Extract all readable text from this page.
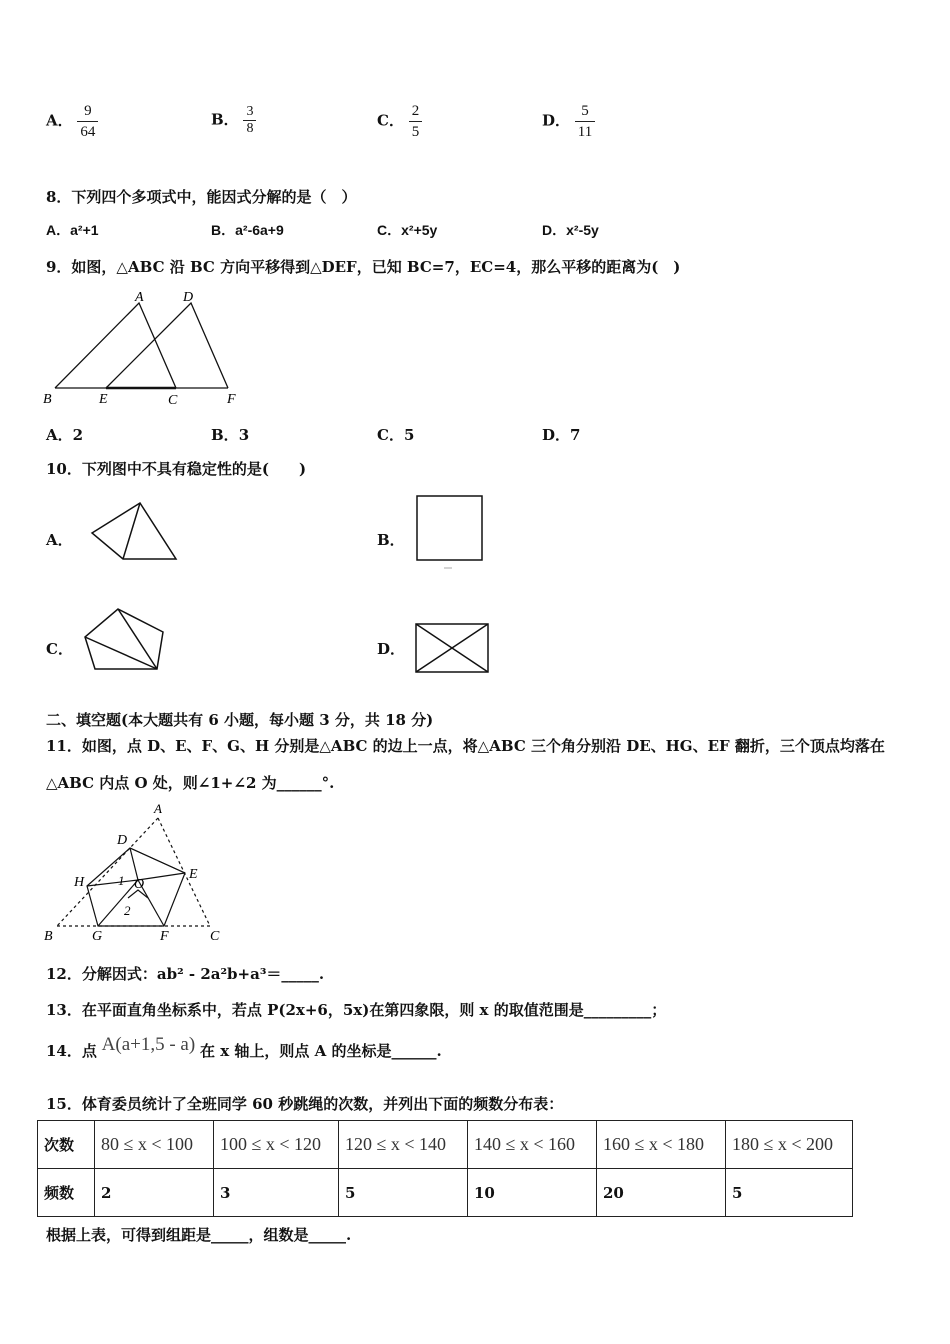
A． $\frac{9}{64}$	B． $\frac{3}{8}$	C． $\frac{2}{5}$	D． $\frac{5}{11}$
8．下列四个多项式中，能因式分解的是（　）
A．a²+1	B．a²-6a+9	C．x²+5y	D．x²-5y
9．如图，△ABC 沿 BC 方向平移得到△DEF，已知 BC=7，EC=4，那么平移的距离为(　)
A	D
B	E	C	F
A．2	B．3	C．5	D．7
10．下列图中不具有稳定性的是(　　)
A．	B．
C．	D．
二、填空题(本大题共有 6 小题，每小题 3 分，共 18 分)
11．如图，点 D、E、F、G、H 分别是△ABC 的边上一点，将△ABC 三个角分别沿 DE、HG、EF 翻折，三个顶点均落在
△ABC 内点 O 处，则∠1+∠2 为______°.
A
D
E
H	1 O
2
B	G	F	C
12．分解因式：ab² - 2a²b+a³＝_____.
13．在平面直角坐标系中，若点 P(2x+6，5x)在第四象限，则 x 的取值范围是_________；
14．点 A(a+1,5 - a) 在 x 轴上，则点 A 的坐标是______.
15．体育委员统计了全班同学 60 秒跳绳的次数，并列出下面的频数分布表：
次数	80 ≤ x < 100	100 ≤ x < 120	120 ≤ x < 140	140 ≤ x < 160	160 ≤ x < 180	180 ≤ x < 200
频数	2	3	5	10	20	5
根据上表，可得到组距是_____，组数是_____.
